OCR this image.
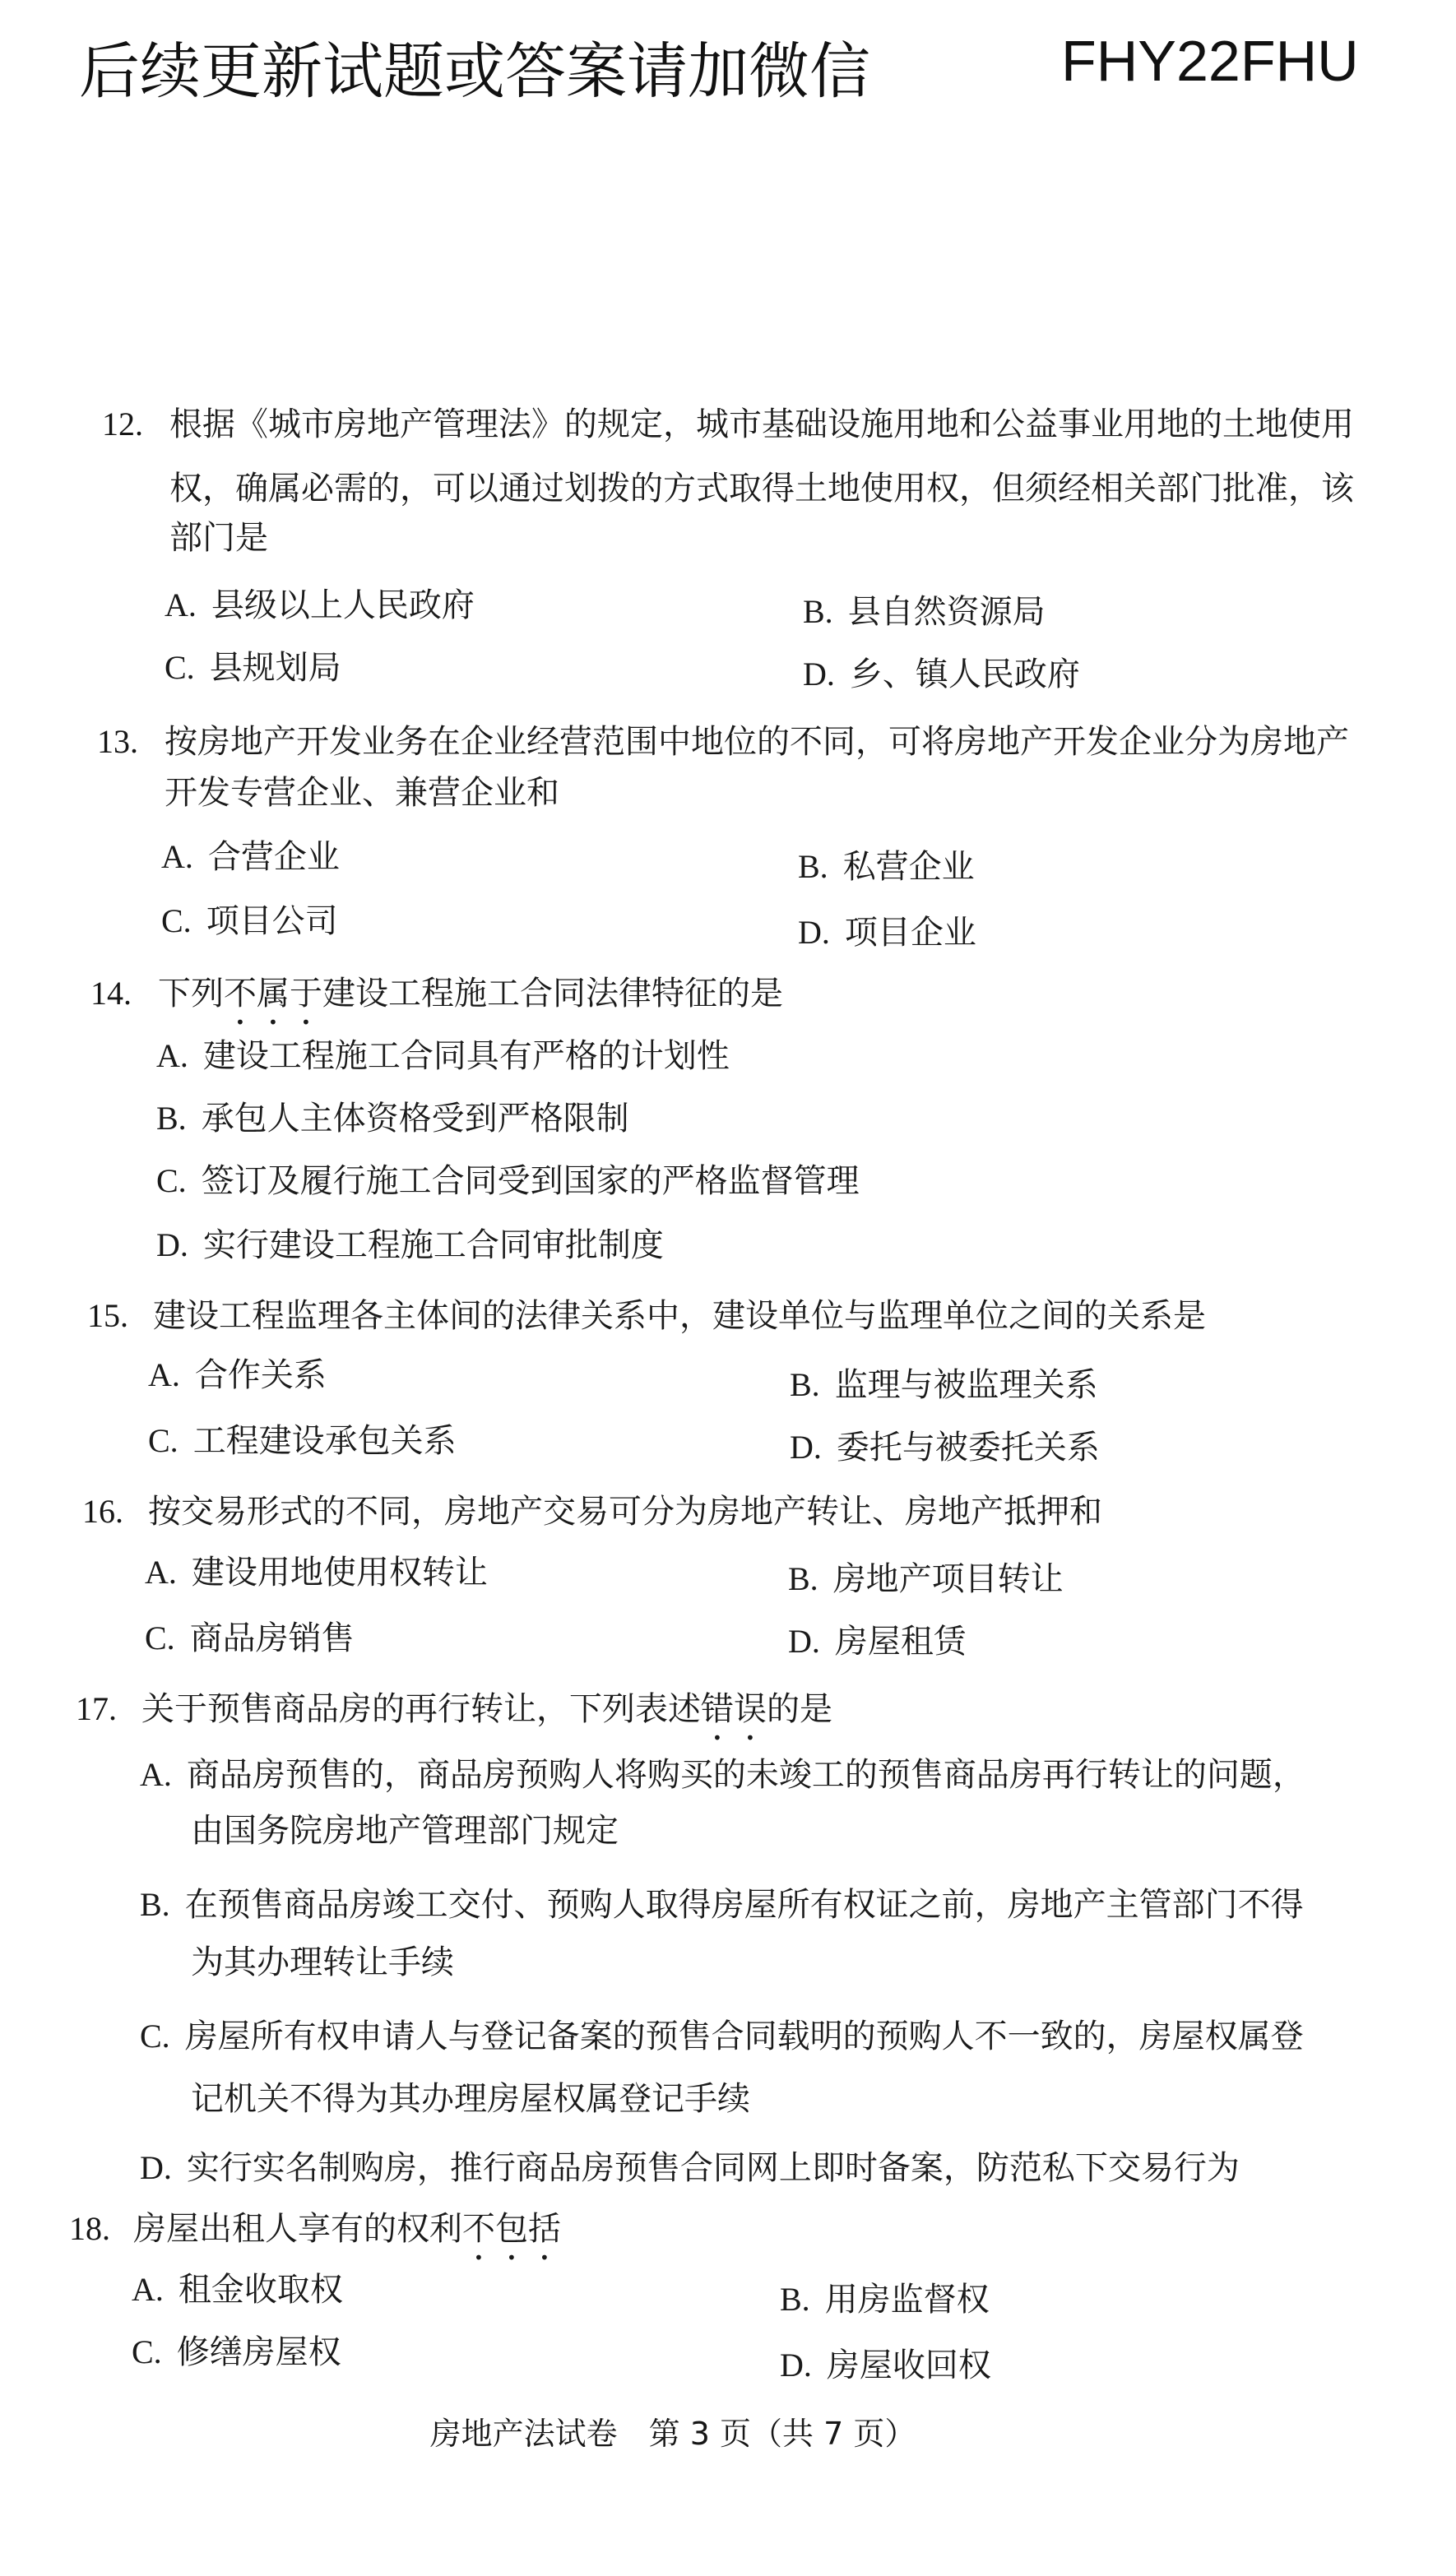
后续更新试题或答案请加微信	FHY22FHU
12. 根据《城市房地产管理法》的规定，城市基础设施用地和公益事业用地的土地使用
权，确属必需的，可以通过划拨的方式取得土地使用权，但须经相关部门批准，该
部门是
A. 县级以上人民政府	B. 县自然资源局
C. 县规划局	D. 乡、镇人民政府
13. 按房地产开发业务在企业经营范围中地位的不同，可将房地产开发企业分为房地产
开发专营企业、兼营企业和
A. 合营企业	B. 私营企业
C. 项目公司	D. 项目企业
14. 下列不属于建设工程施工合同法律特征的是
A. 建设工程施工合同具有严格的计划性
B. 承包人主体资格受到严格限制
C. 签订及履行施工合同受到国家的严格监督管理
D. 实行建设工程施工合同审批制度
15. 建设工程监理各主体间的法律关系中，建设单位与监理单位之间的关系是
A. 合作关系	B. 监理与被监理关系
C. 工程建设承包关系	D. 委托与被委托关系
16. 按交易形式的不同，房地产交易可分为房地产转让、房地产抵押和
A. 建设用地使用权转让	B. 房地产项目转让
C. 商品房销售	D. 房屋租赁
17. 关于预售商品房的再行转让，下列表述错误的是
A. 商品房预售的，商品房预购人将购买的未竣工的预售商品房再行转让的问题，
由国务院房地产管理部门规定
B. 在预售商品房竣工交付、预购人取得房屋所有权证之前，房地产主管部门不得
为其办理转让手续
C. 房屋所有权申请人与登记备案的预售合同载明的预购人不一致的，房屋权属登
记机关不得为其办理房屋权属登记手续
D. 实行实名制购房，推行商品房预售合同网上即时备案，防范私下交易行为
18. 房屋出租人享有的权利不包括
A. 租金收取权	B. 用房监督权
C. 修缮房屋权	D. 房屋收回权
房地产法试卷　第 3 页（共 7 页）
